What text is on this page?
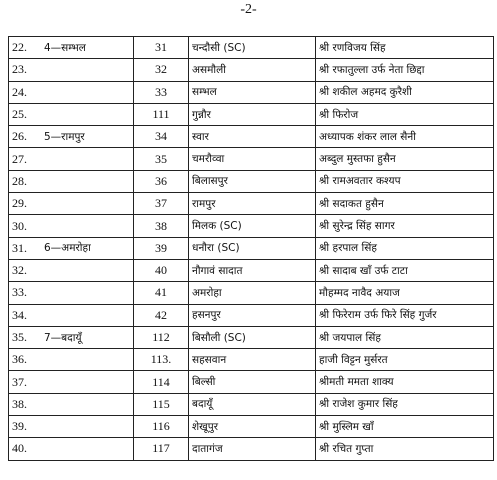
-2-
22.	4—सम्भल	31	चन्दौसी (SC)	श्री रणविजय सिंह
23.		32	असमौली	श्री रफातुल्ला उर्फ नेता छिद्दा
24.		33	सम्भल	श्री शकील अहमद कुरैशी
25.		111	गुन्नौर	श्री फिरोज
26.	5—रामपुर	34	स्वार	अध्यापक शंकर लाल सैनी
27.		35	चमरौव्वा	अब्दुल मुस्तफा हुसैन
28.		36	बिलासपुर	श्री रामअवतार कश्यप
29.		37	रामपुर	श्री सदाकत हुसैन
30.		38	मिलक (SC)	श्री सुरेन्द्र सिंह सागर
31.	6—अमरोहा	39	धनौरा (SC)	श्री हरपाल सिंह
32.		40	नौगावं सादात	श्री सादाब खाँ उर्फ टाटा
33.		41	अमरोहा	मौहम्मद नावैद अयाज
34.		42	हसनपुर	श्री फिरेराम उर्फ फिरे सिंह गुर्जर
35.	7—बदायूँ	112	बिसौली (SC)	श्री जयपाल सिंह
36.		113.	सहसवान	हाजी विट्टन मुर्सरत
37.		114	बिल्सी	श्रीमती ममता शाक्य
38.		115	बदायूँ	श्री राजेश कुमार सिंह
39.		116	शेखूपुर	श्री मुस्लिम खाँ
40.		117	दातागंज	श्री रचित गुप्ता
